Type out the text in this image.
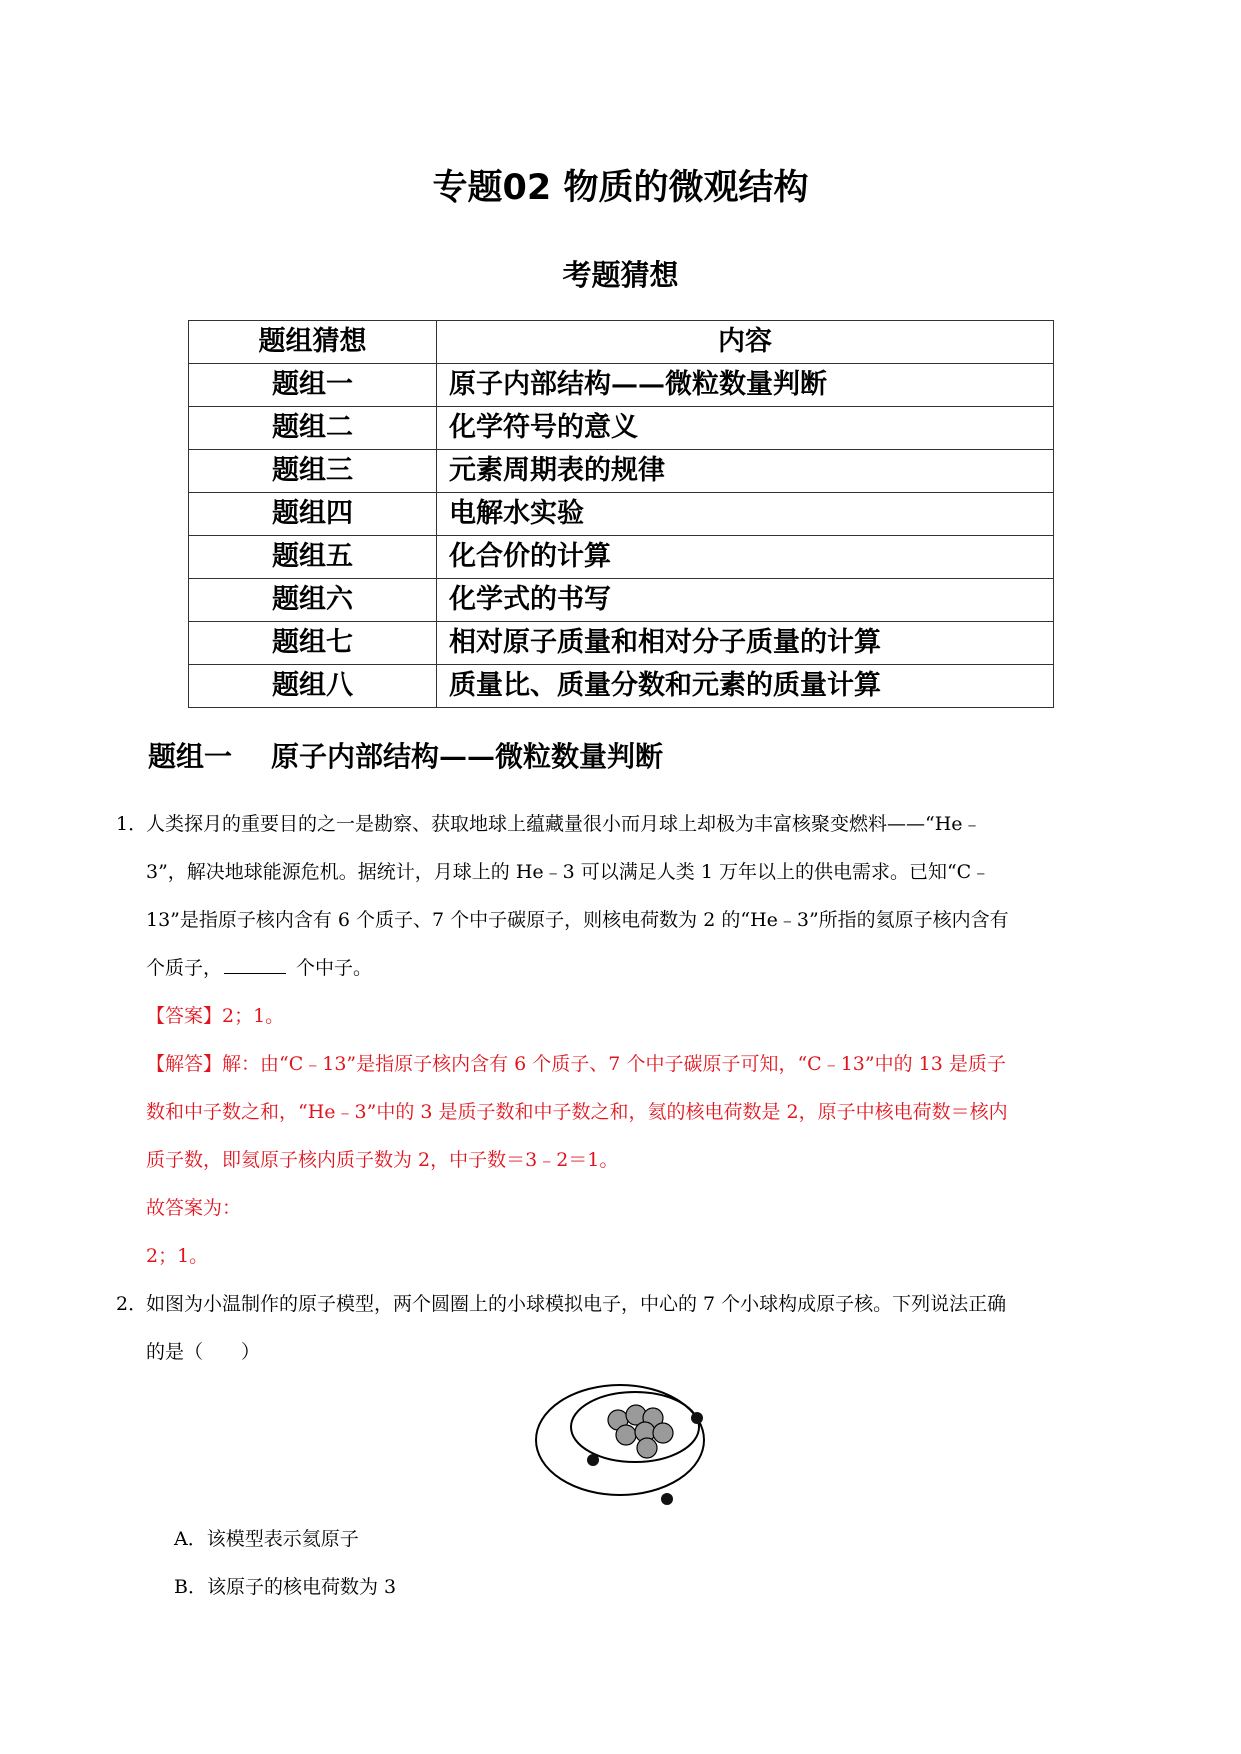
专题02 物质的微观结构
考题猜想
题组猜想	内容
题组一	原子内部结构——微粒数量判断
题组二	化学符号的意义
题组三	元素周期表的规律
题组四	电解水实验
题组五	化合价的计算
题组六	化学式的书写
题组七	相对原子质量和相对分子质量的计算
题组八	质量比、质量分数和元素的质量计算
题组一    原子内部结构——微粒数量判断
1．
人类探月的重要目的之一是勘察、获取地球上蕴藏量很小而月球上却极为丰富核聚变燃料——“He﹣
3”，解决地球能源危机。据统计，月球上的 He﹣3 可以满足人类 1 万年以上的供电需求。已知“C﹣
13”是指原子核内含有 6 个质子、7 个中子碳原子，则核电荷数为 2 的“He﹣3”所指的氦原子核内含有
个质子，	个中子。
【答案】2；1。
【解答】解：由“C﹣13”是指原子核内含有 6 个质子、7 个中子碳原子可知，“C﹣13”中的 13 是质子
数和中子数之和，“He﹣3”中的 3 是质子数和中子数之和，氦的核电荷数是 2，原子中核电荷数＝核内
质子数，即氦原子核内质子数为 2，中子数＝3﹣2＝1。
故答案为：
2；1。
2．
如图为小温制作的原子模型，两个圆圈上的小球模拟电子，中心的 7 个小球构成原子核。下列说法正确
的是（　　）
A．该模型表示氦原子
B．该原子的核电荷数为 3
